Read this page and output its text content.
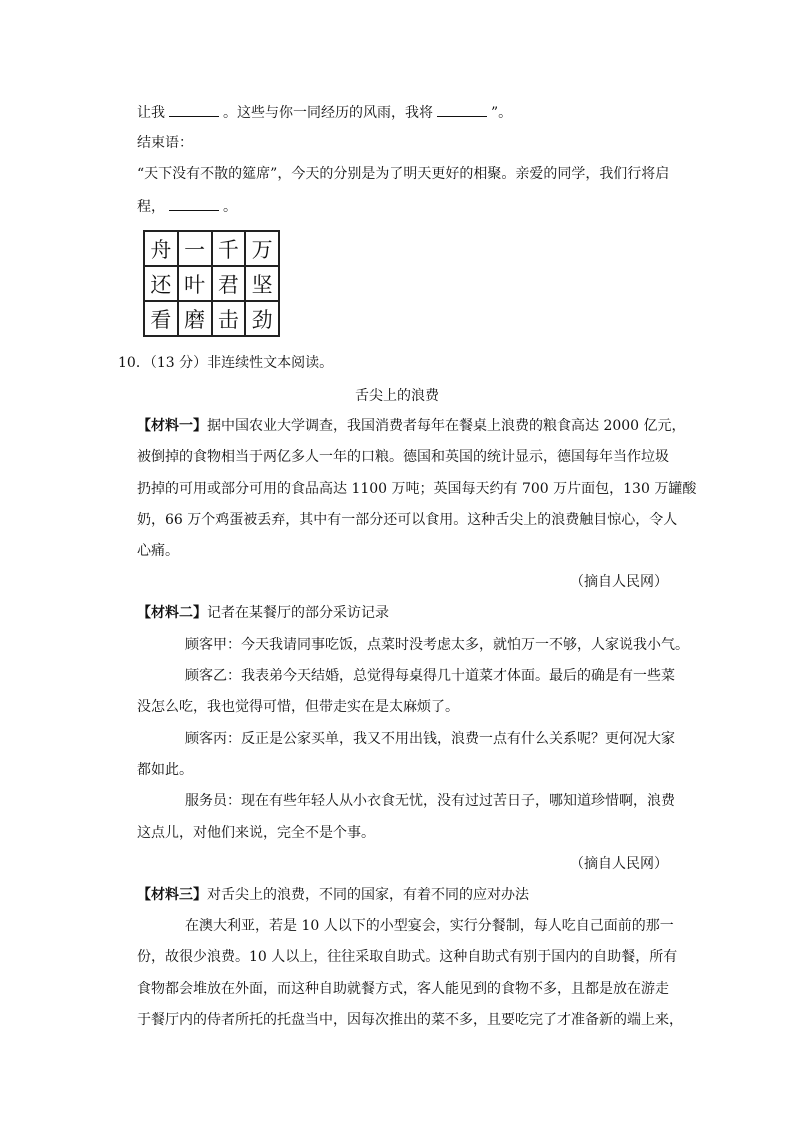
让我	。这些与你一同经历的风雨，我将	”。
结束语：
“天下没有不散的筵席”，今天的分别是为了明天更好的相聚。亲爱的同学，我们行将启
程，	。
舟 一 千 万
还 叶 君 坚
看 磨 击 劲
10．（13 分）非连续性文本阅读。
舌尖上的浪费
【材料一】据中国农业大学调查，我国消费者每年在餐桌上浪费的粮食高达 2000 亿元，
被倒掉的食物相当于两亿多人一年的口粮。德国和英国的统计显示，德国每年当作垃圾
扔掉的可用或部分可用的食品高达 1100 万吨；英国每天约有 700 万片面包，130 万罐酸
奶，66 万个鸡蛋被丢弃，其中有一部分还可以食用。这种舌尖上的浪费触目惊心，令人
心痛。
（摘自人民网）
【材料二】记者在某餐厅的部分采访记录
顾客甲：今天我请同事吃饭，点菜时没考虑太多，就怕万一不够，人家说我小气。
顾客乙：我表弟今天结婚，总觉得每桌得几十道菜才体面。最后的确是有一些菜
没怎么吃，我也觉得可惜，但带走实在是太麻烦了。
顾客丙：反正是公家买单，我又不用出钱，浪费一点有什么关系呢？更何况大家
都如此。
服务员：现在有些年轻人从小衣食无忧，没有过过苦日子，哪知道珍惜啊，浪费
这点儿，对他们来说，完全不是个事。
（摘自人民网）
【材料三】对舌尖上的浪费，不同的国家，有着不同的应对办法
在澳大利亚，若是 10 人以下的小型宴会，实行分餐制，每人吃自己面前的那一
份，故很少浪费。10 人以上，往往采取自助式。这种自助式有别于国内的自助餐，所有
食物都会堆放在外面，而这种自助就餐方式，客人能见到的食物不多，且都是放在游走
于餐厅内的侍者所托的托盘当中，因每次推出的菜不多，且要吃完了才准备新的端上来，
